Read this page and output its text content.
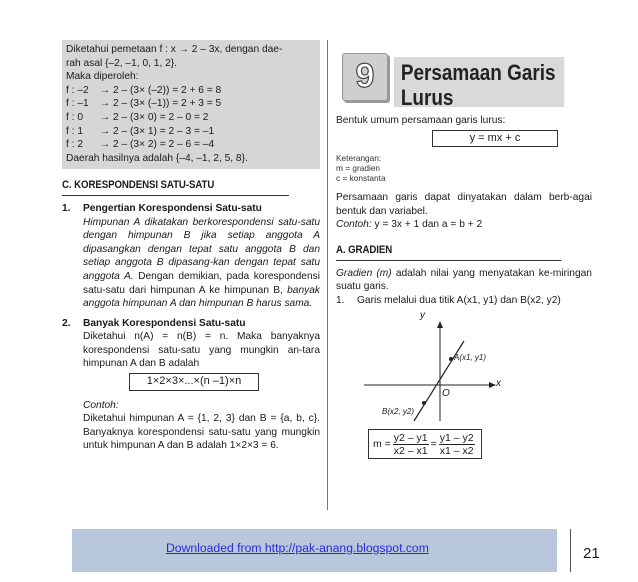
Diketahui pemetaan f : x → 2 – 3x, dengan dae-
rah asal {–2, –1, 0, 1, 2}.
Maka diperoleh:
f : –2 → 2 – (3× (–2)) = 2 + 6 = 8
f : –1 → 2 – (3× (–1)) = 2 + 3 = 5
f : 0 → 2 – (3× 0) = 2 – 0 = 2
f : 1 → 2 – (3× 1) = 2 – 3 = –1
f : 2 → 2 – (3× 2) = 2 – 6 = –4
Daerah hasilnya adalah {–4, –1, 2, 5, 8}.
C. KORESPONDENSI SATU-SATU
1.	Pengertian Korespondensi Satu-satu
Himpunan A dikatakan berkorespondensi satu-satu dengan himpunan B jika setiap anggota A dipasangkan dengan tepat satu anggota B dan setiap anggota B dipasang-kan dengan tepat satu anggota A. Dengan demikian, pada korespondensi satu-satu dari himpunan A ke himpunan B, banyak anggota himpunan A dan himpunan B harus sama.
2.	Banyak Korespondensi Satu-satu
Diketahui n(A) = n(B) = n. Maka banyaknya korespondensi satu-satu yang mungkin an-tara himpunan A dan B adalah
1×2×3×...×(n –1)×n
Contoh:
Diketahui himpunan A = {1, 2, 3} dan B = {a, b, c}. Banyaknya korespondensi satu-satu yang mungkin untuk himpunan A dan B adalah 1×2×3 = 6.
9	Persamaan Garis
Lurus
Bentuk umum persamaan garis lurus:
y = mx + c
Keterangan:
m = gradien
c = konstanta
Persamaan garis dapat dinyatakan dalam berb-agai bentuk dan variabel.
Contoh: y = 3x + 1 dan a = b + 2
A. GRADIEN
Gradien (m) adalah nilai yang menyatakan ke-miringan suatu garis.
1.	Garis melalui dua titik A(x1, y1) dan B(x2, y2)
y
x
O
A(x1, y1)
B(x2, y2)
$m = \frac{y2 - y1}{x2 - x1} = \frac{y1 - y2}{x1 - x2}$
Downloaded from http://pak-anang.blogspot.com	21
